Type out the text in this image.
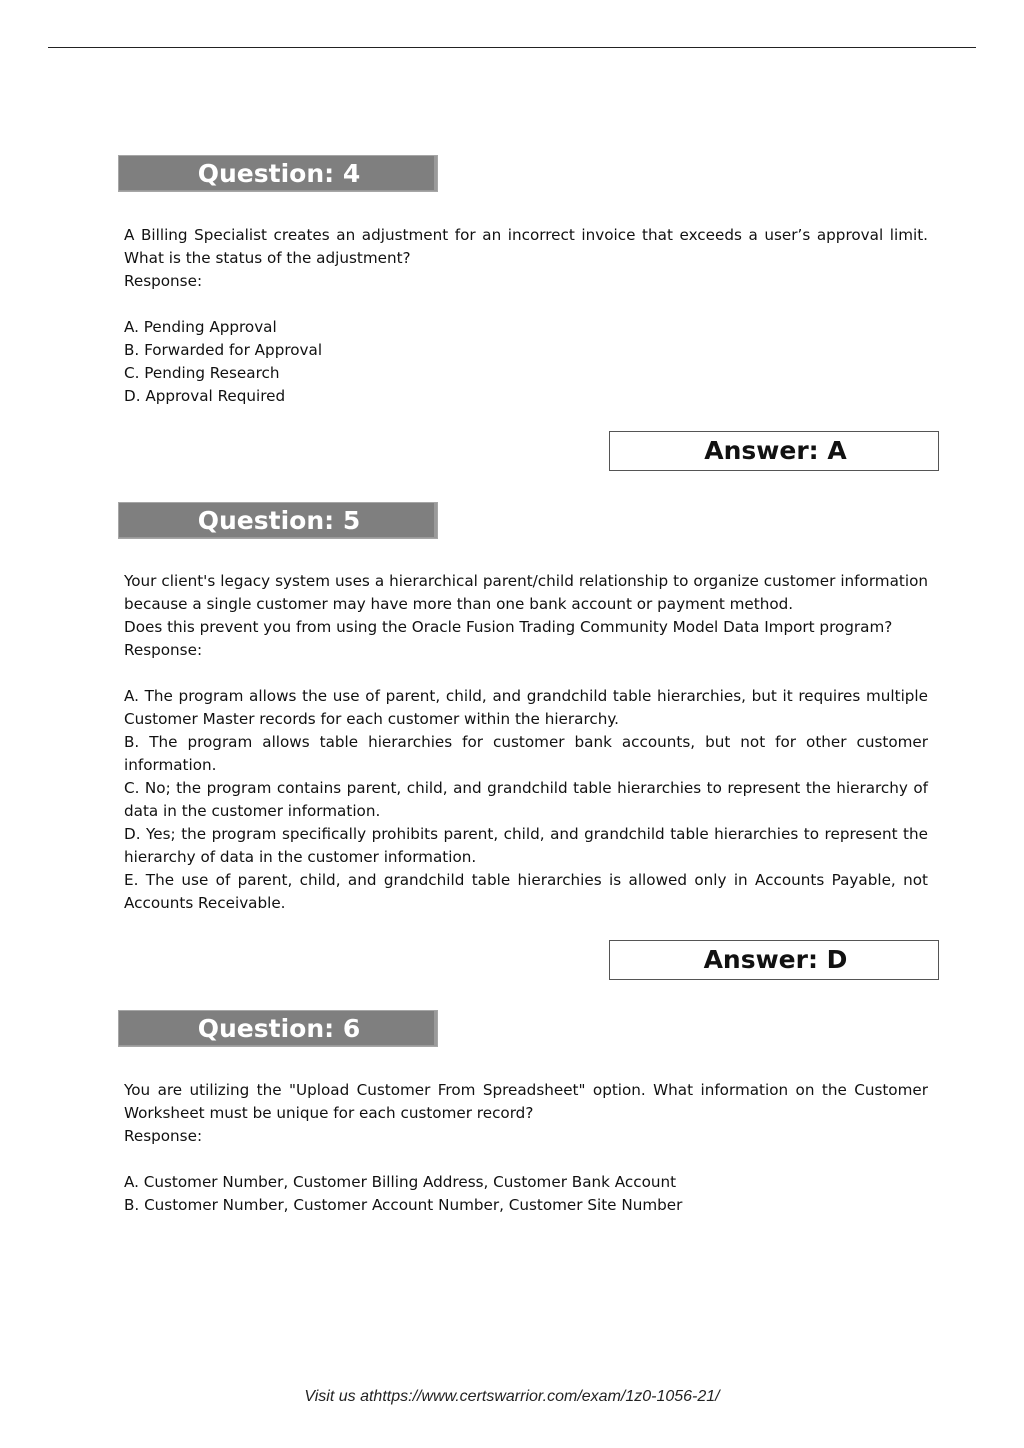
Question: 4

A Billing Specialist creates an adjustment for an incorrect invoice that exceeds a user’s approval limit. What is the status of the adjustment?

Response:

A. Pending Approval

B. Forwarded for Approval

C. Pending Research

D. Approval Required

Answer: A
Question: 5

Your client's legacy system uses a hierarchical parent/child relationship to organize customer information because a single customer may have more than one bank account or payment method.

Does this prevent you from using the Oracle Fusion Trading Community Model Data Import program?

Response:

A. The program allows the use of parent, child, and grandchild table hierarchies, but it requires multiple Customer Master records for each customer within the hierarchy.

B. The program allows table hierarchies for customer bank accounts, but not for other customer information.

C. No; the program contains parent, child, and grandchild table hierarchies to represent the hierarchy of data in the customer information.

D. Yes; the program specifically prohibits parent, child, and grandchild table hierarchies to represent the hierarchy of data in the customer information.

E. The use of parent, child, and grandchild table hierarchies is allowed only in Accounts Payable, not Accounts Receivable.

Answer: D
Question: 6

You are utilizing the "Upload Customer From Spreadsheet" option. What information on the Customer Worksheet must be unique for each customer record?

Response:

A. Customer Number, Customer Billing Address, Customer Bank Account

B. Customer Number, Customer Account Number, Customer Site Number

Visit us athttps://www.certswarrior.com/exam/1z0-1056-21/
